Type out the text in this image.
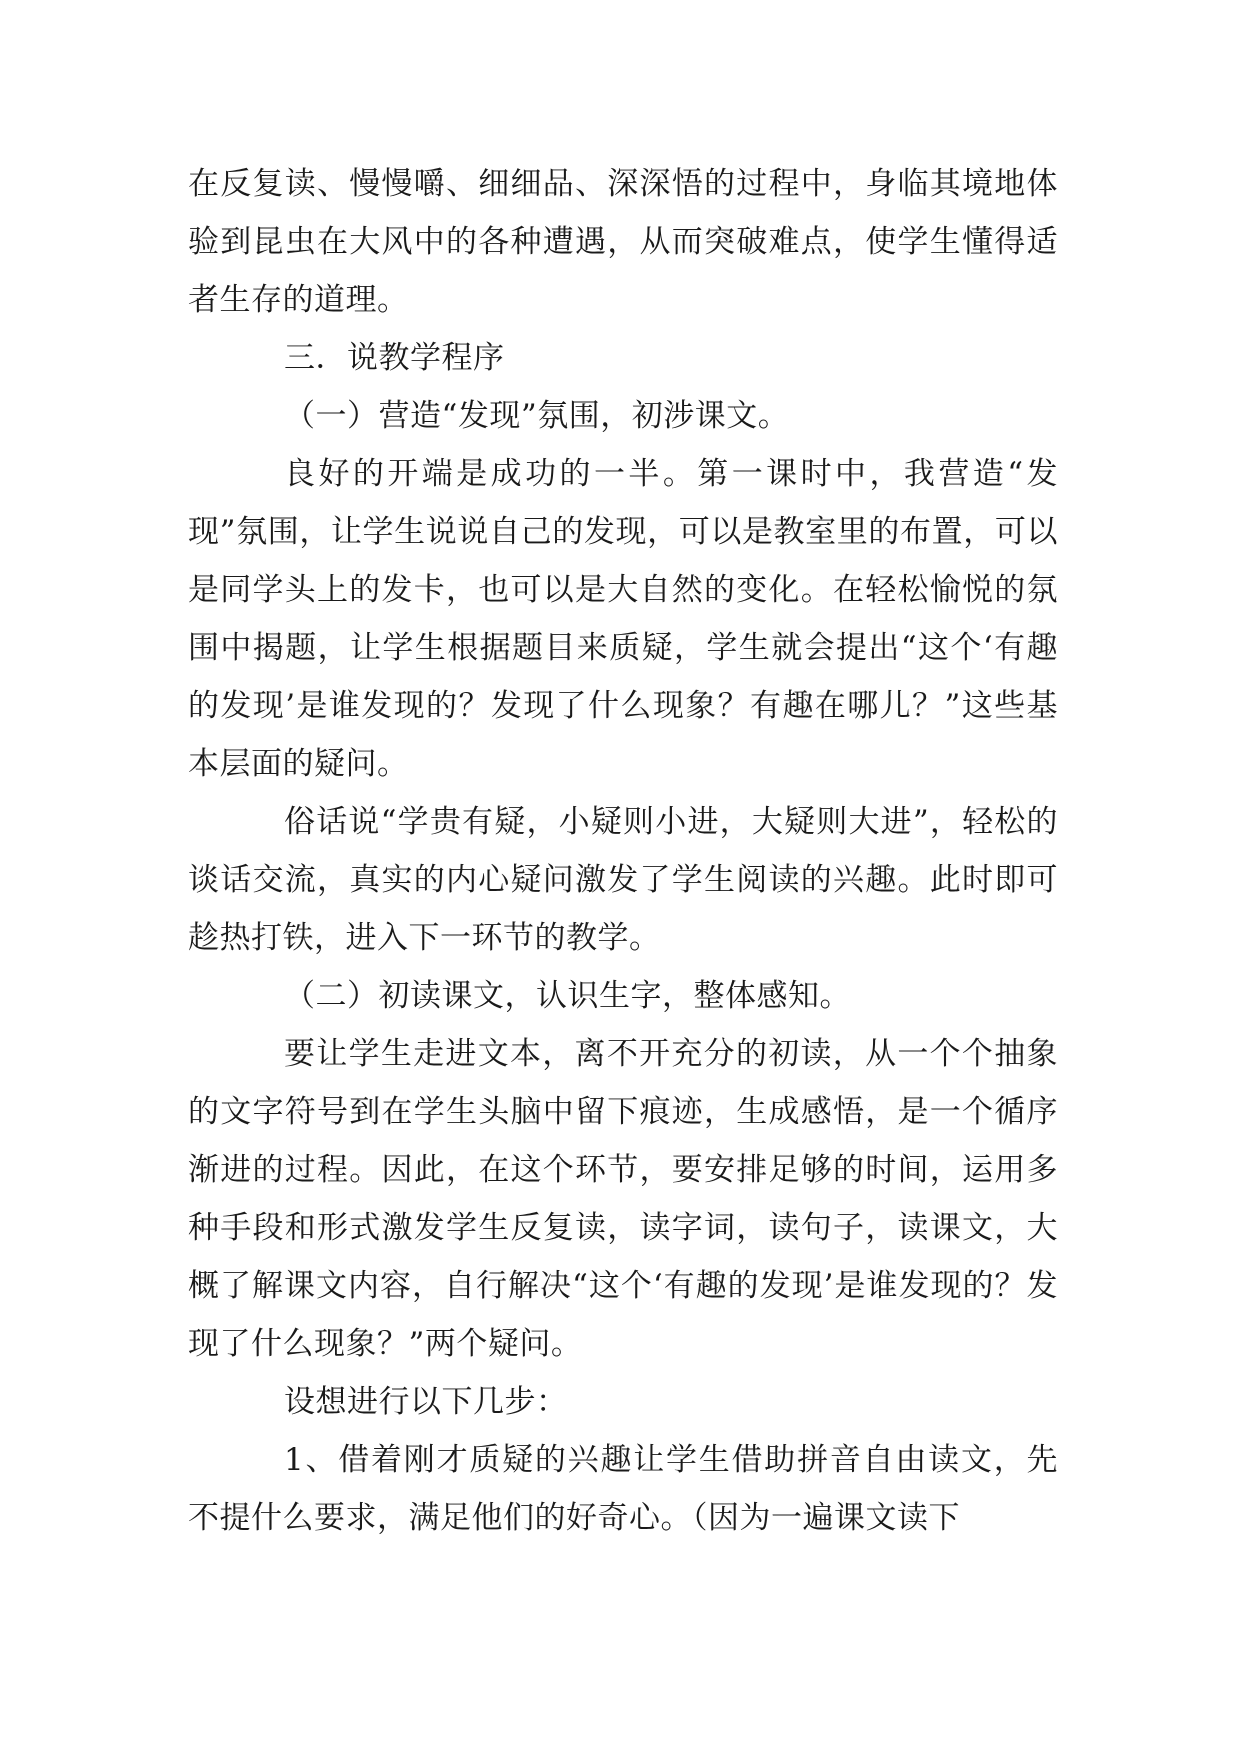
在反复读、慢慢嚼、细细品、深深悟的过程中，身临其境地体验到昆虫在大风中的各种遭遇，从而突破难点，使学生懂得适者生存的道理。

三．说教学程序

（一）营造“发现”氛围，初涉课文。

良好的开端是成功的一半。第一课时中，我营造“发现”氛围，让学生说说自己的发现，可以是教室里的布置，可以是同学头上的发卡，也可以是大自然的变化。在轻松愉悦的氛围中揭题，让学生根据题目来质疑，学生就会提出“这个‘有趣的发现’是谁发现的？发现了什么现象？有趣在哪儿？”这些基本层面的疑问。

俗话说“学贵有疑，小疑则小进，大疑则大进”，轻松的谈话交流，真实的内心疑问激发了学生阅读的兴趣。此时即可趁热打铁，进入下一环节的教学。

（二）初读课文，认识生字，整体感知。

要让学生走进文本，离不开充分的初读，从一个个抽象的文字符号到在学生头脑中留下痕迹，生成感悟，是一个循序渐进的过程。因此，在这个环节，要安排足够的时间，运用多种手段和形式激发学生反复读，读字词，读句子，读课文，大概了解课文内容，自行解决“这个‘有趣的发现’是谁发现的？发现了什么现象？”两个疑问。

设想进行以下几步：

1、借着刚才质疑的兴趣让学生借助拼音自由读文，先不提什么要求，满足他们的好奇心。（因为一遍课文读下
